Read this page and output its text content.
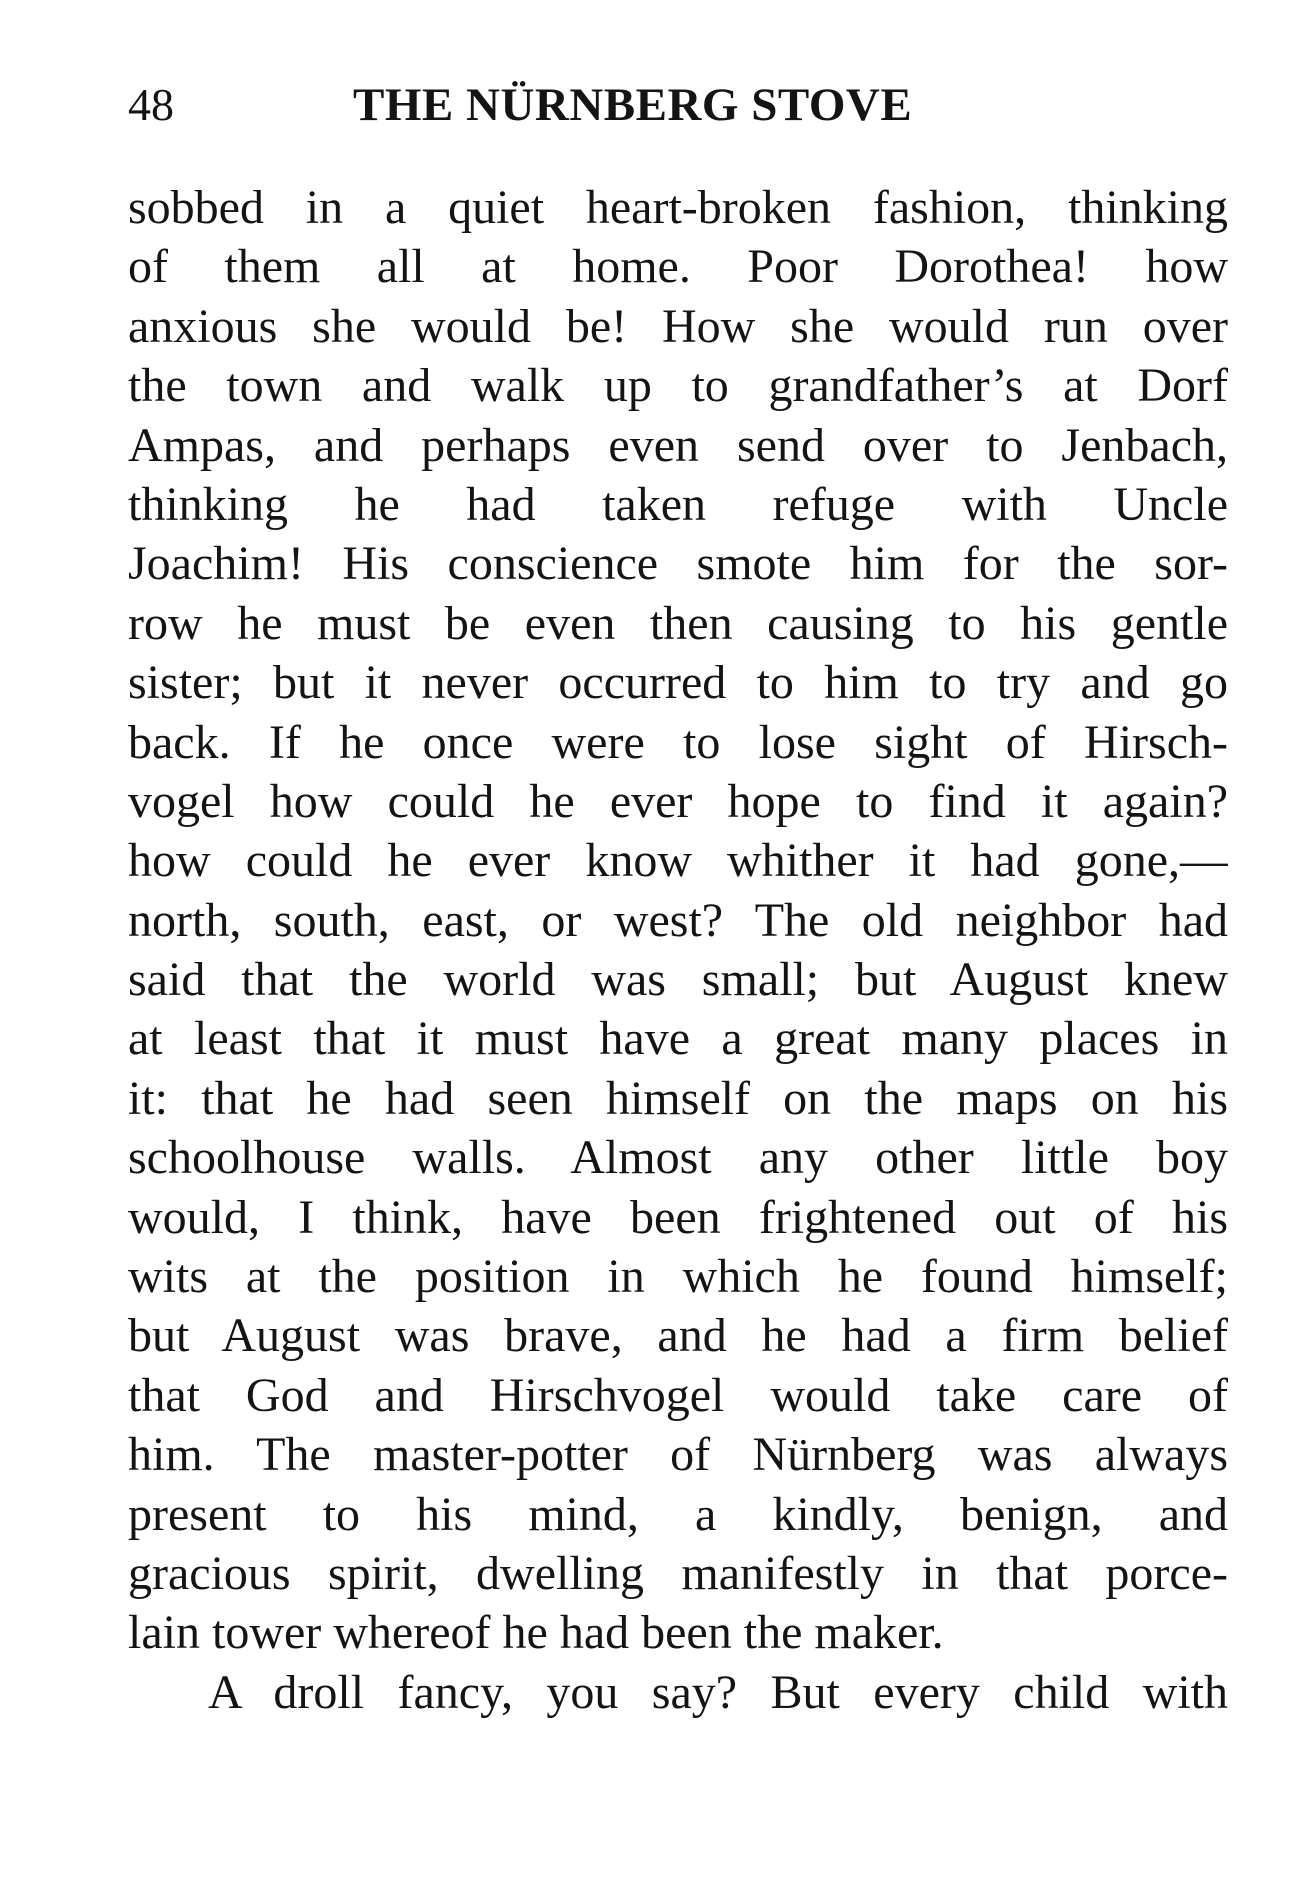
48	THE NÜRNBERG STOVE
sobbed in a quiet heart-broken fashion, thinking
of them all at home. Poor Dorothea! how
anxious she would be! How she would run over
the town and walk up to grandfather’s at Dorf
Ampas, and perhaps even send over to Jenbach,
thinking he had taken refuge with Uncle
Joachim! His conscience smote him for the sor-
row he must be even then causing to his gentle
sister; but it never occurred to him to try and go
back. If he once were to lose sight of Hirsch-
vogel how could he ever hope to find it again?
how could he ever know whither it had gone,—
north, south, east, or west? The old neighbor had
said that the world was small; but August knew
at least that it must have a great many places in
it: that he had seen himself on the maps on his
schoolhouse walls. Almost any other little boy
would, I think, have been frightened out of his
wits at the position in which he found himself;
but August was brave, and he had a firm belief
that God and Hirschvogel would take care of
him. The master-potter of Nürnberg was always
present to his mind, a kindly, benign, and
gracious spirit, dwelling manifestly in that porce-
lain tower whereof he had been the maker.
A droll fancy, you say? But every child with
